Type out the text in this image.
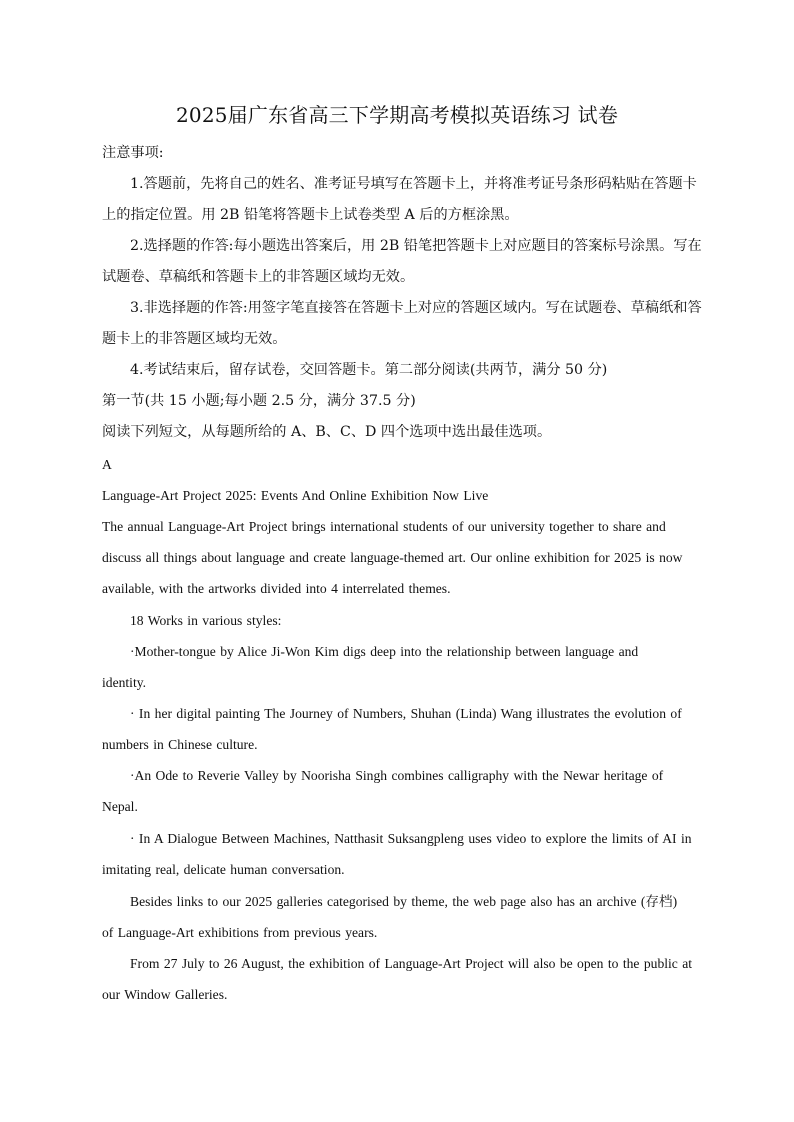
2025届广东省高三下学期高考模拟英语练习 试卷
注意事项:
1.答题前，先将自己的姓名、准考证号填写在答题卡上，并将准考证号条形码粘贴在答题卡
上的指定位置。用 2B 铅笔将答题卡上试卷类型 A 后的方框涂黑。
2.选择题的作答:每小题选出答案后，用 2B 铅笔把答题卡上对应题目的答案标号涂黑。写在
试题卷、草稿纸和答题卡上的非答题区域均无效。
3.非选择题的作答:用签字笔直接答在答题卡上对应的答题区域内。写在试题卷、草稿纸和答
题卡上的非答题区域均无效。
4.考试结束后，留存试卷，交回答题卡。第二部分阅读(共两节，满分 50 分)
第一节(共 15 小题;每小题 2.5 分，满分 37.5 分)
阅读下列短文，从每题所给的 A、B、C、D 四个选项中选出最佳选项。
A
Language-Art Project 2025: Events And Online Exhibition Now Live
The annual Language-Art Project brings international students of our university together to share and
discuss all things about language and create language-themed art. Our online exhibition for 2025 is now
available, with the artworks divided into 4 interrelated themes.
18 Works in various styles:
·Mother-tongue by Alice Ji-Won Kim digs deep into the relationship between language and
identity.
· In her digital painting The Journey of Numbers, Shuhan (Linda) Wang illustrates the evolution of
numbers in Chinese culture.
·An Ode to Reverie Valley by Noorisha Singh combines calligraphy with the Newar heritage of
Nepal.
· In A Dialogue Between Machines, Natthasit Suksangpleng uses video to explore the limits of AI in
imitating real, delicate human conversation.
Besides links to our 2025 galleries categorised by theme, the web page also has an archive (存档)
of Language-Art exhibitions from previous years.
From 27 July to 26 August, the exhibition of Language-Art Project will also be open to the public at
our Window Galleries.
